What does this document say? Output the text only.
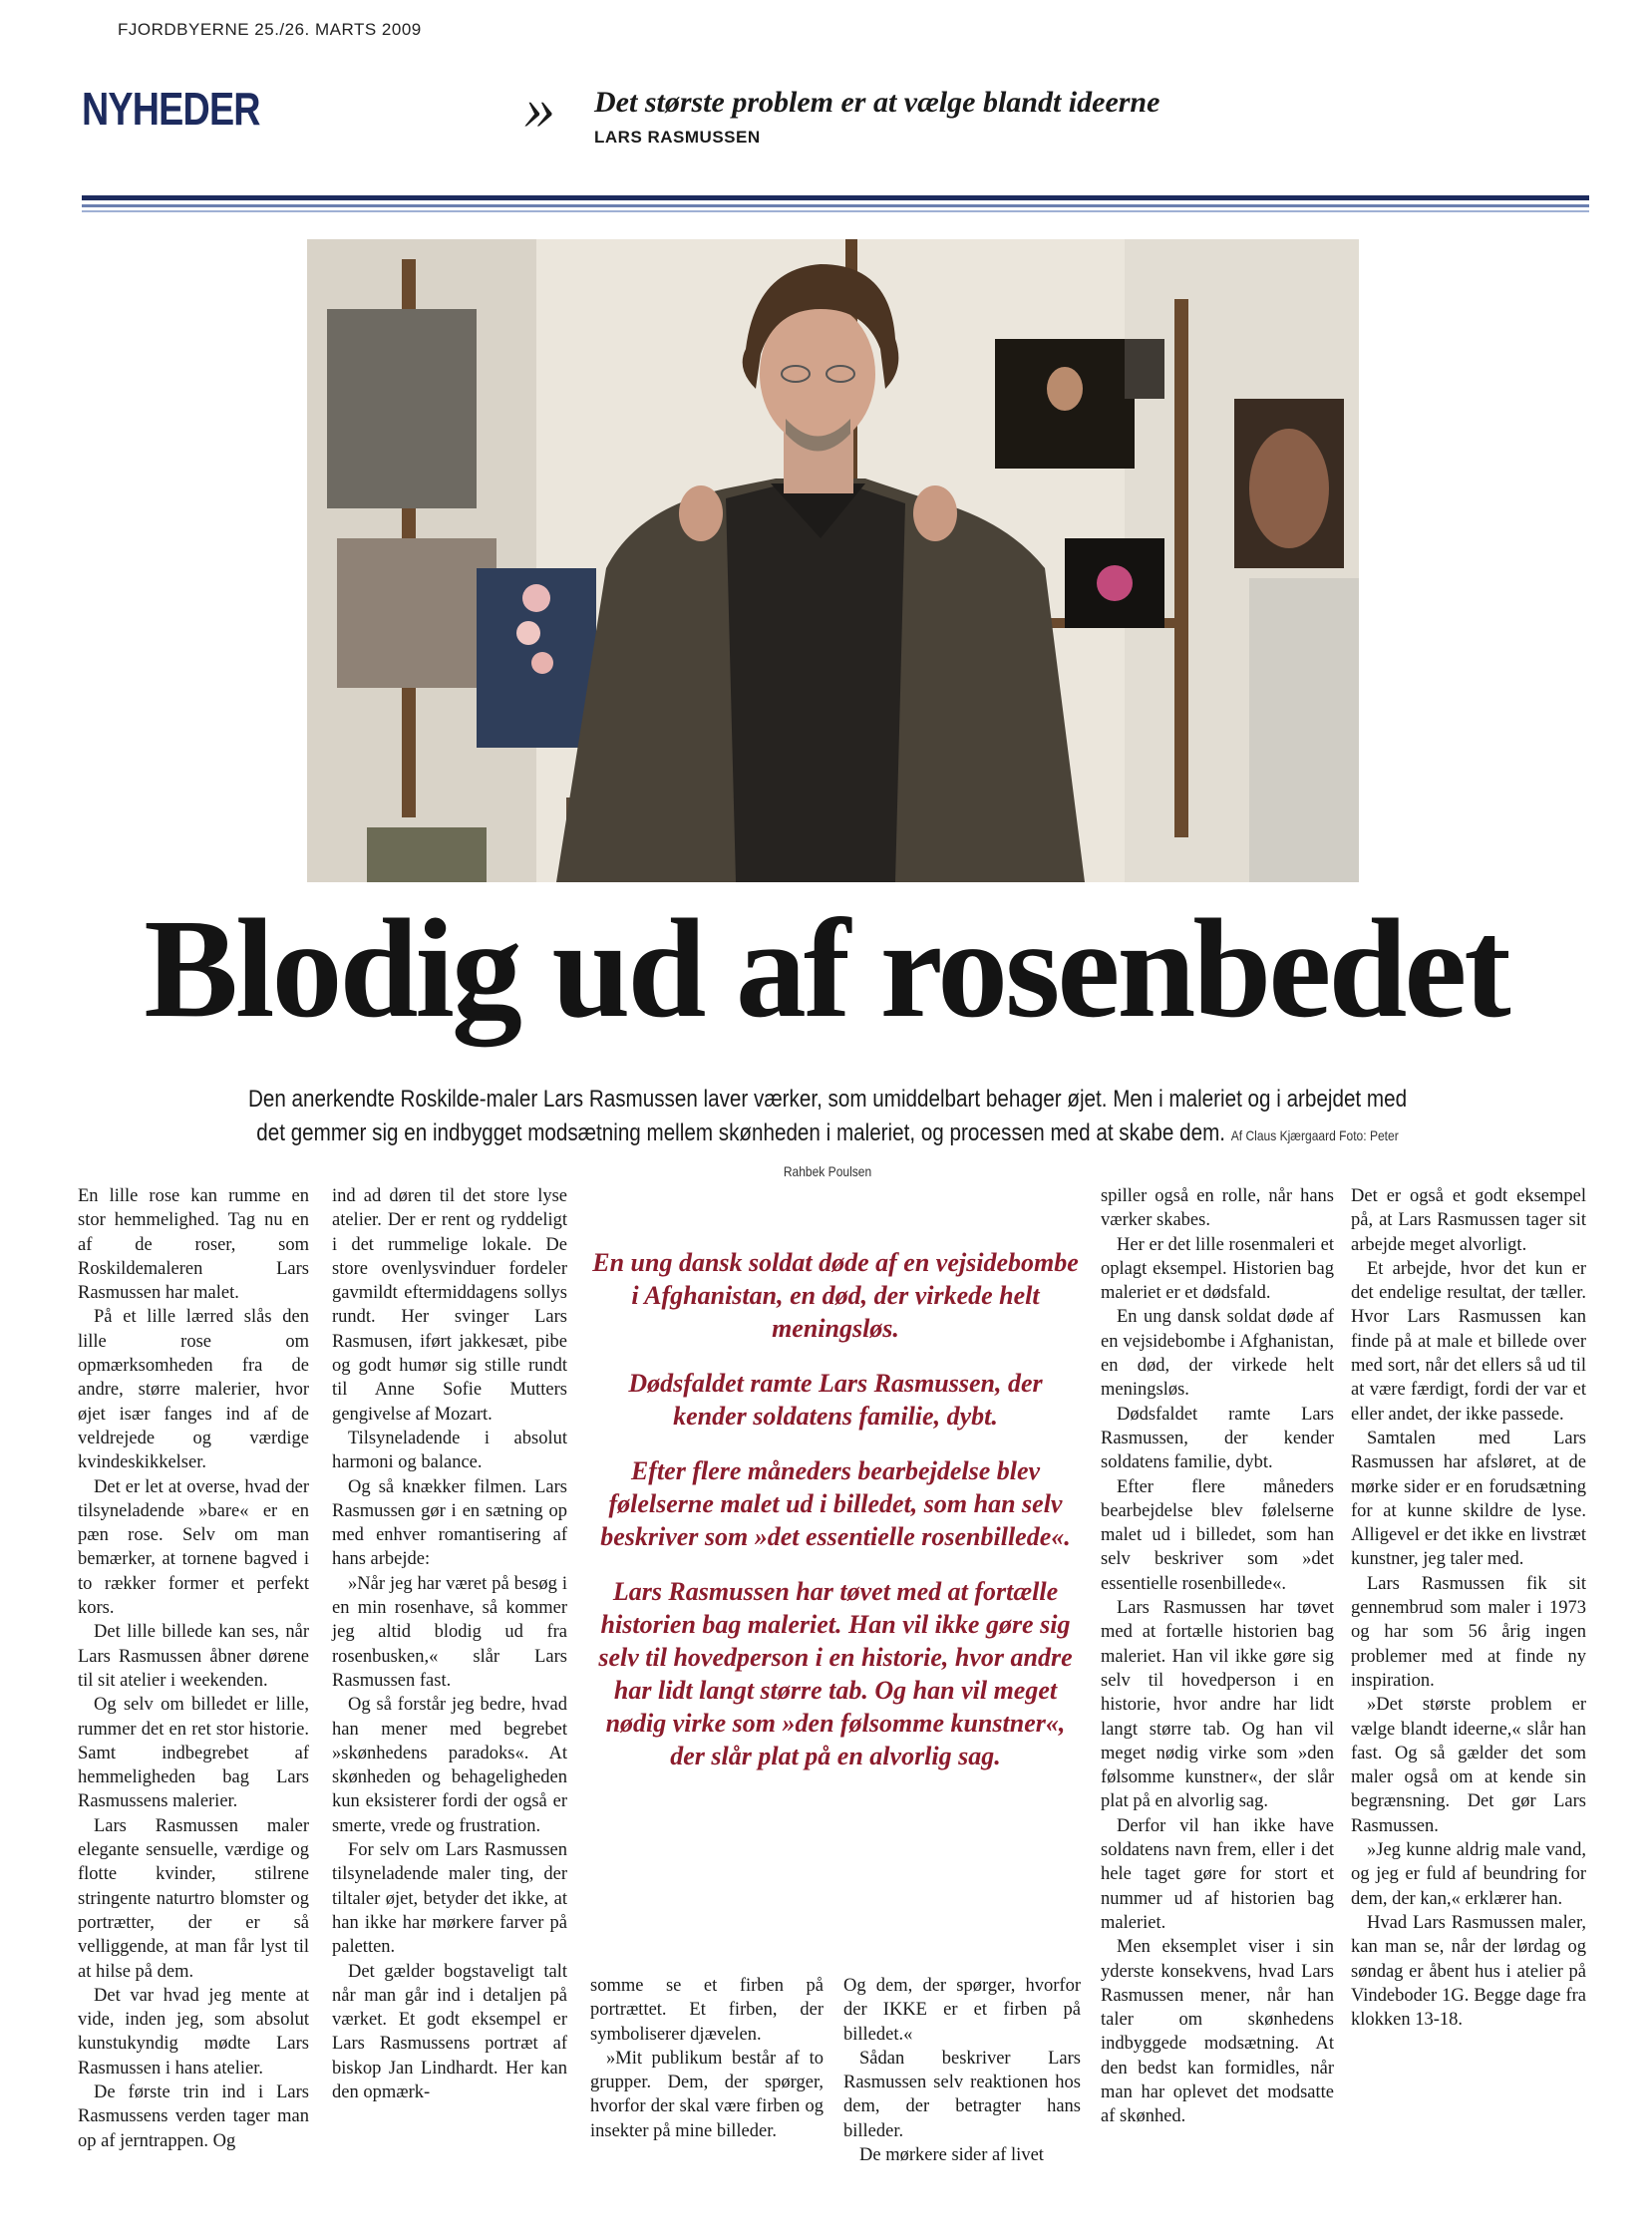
FJORDBYERNE 25./26. MARTS 2009
NYHEDER	» Det største problem er at vælge blandt ideerne
LARS RASMUSSEN
Blodig ud af rosenbedet
Den anerkendte Roskilde-maler Lars Rasmussen laver værker, som umiddelbart behager øjet. Men i maleriet og i arbejdet med det gemmer sig en indbygget modsætning mellem skønheden i maleriet, og processen med at skabe dem. Af Claus Kjærgaard Foto: Peter Rahbek Poulsen

En lille rose kan rumme en stor hemmelighed. Tag nu en af de roser, som Roskildemaleren Lars Rasmussen har malet.

På et lille lærred slås den lille rose om opmærksomheden fra de andre, større malerier, hvor øjet især fanges ind af de veldrejede og værdige kvindeskikkelser.

Det er let at overse, hvad der tilsyneladende »bare« er en pæn rose. Selv om man bemærker, at tornene bagved i to rækker former et perfekt kors.

Det lille billede kan ses, når Lars Rasmussen åbner dørene til sit atelier i weekenden.

Og selv om billedet er lille, rummer det en ret stor historie. Samt indbegrebet af hemmeligheden bag Lars Rasmussens malerier.

Lars Rasmussen maler elegante sensuelle, værdige og flotte kvinder, stilrene stringente naturtro blomster og portrætter, der er så velliggende, at man får lyst til at hilse på dem.

Det var hvad jeg mente at vide, inden jeg, som absolut kunstukyndig mødte Lars Rasmussen i hans atelier.

De første trin ind i Lars Rasmussens verden tager man op af jerntrappen. Og

ind ad døren til det store lyse atelier. Der er rent og ryddeligt i det rummelige lokale. De store ovenlysvinduer fordeler gavmildt eftermiddagens sollys rundt. Her svinger Lars Rasmusen, iført jakkesæt, pibe og godt humør sig stille rundt til Anne Sofie Mutters gengivelse af Mozart.

Tilsyneladende i absolut harmoni og balance.

Og så knækker filmen. Lars Rasmussen gør i en sætning op med enhver romantisering af hans arbejde:

»Når jeg har været på besøg i en min rosenhave, så kommer jeg altid blodig ud fra rosenbusken,« slår Lars Rasmussen fast.

Og så forstår jeg bedre, hvad han mener med begrebet »skønhedens paradoks«. At skønheden og behageligheden kun eksisterer fordi der også er smerte, vrede og frustration.

For selv om Lars Rasmussen tilsyneladende maler ting, der tiltaler øjet, betyder det ikke, at han ikke har mørkere farver på paletten.

Det gælder bogstaveligt talt når man går ind i detaljen på værket. Et godt eksempel er Lars Rasmussens portræt af biskop Jan Lindhardt. Her kan den opmærk-

En ung dansk soldat døde af en vejsidebombe i Afghanistan, en død, der virkede helt meningsløs.

Dødsfaldet ramte Lars Rasmussen, der kender soldatens familie, dybt.

Efter flere måneders bearbejdelse blev følelserne malet ud i billedet, som han selv beskriver som »det essentielle rosenbillede«.

Lars Rasmussen har tøvet med at fortælle historien bag maleriet. Han vil ikke gøre sig selv til hovedperson i en historie, hvor andre har lidt langt større tab. Og han vil meget nødig virke som »den følsomme kunstner«, der slår plat på en alvorlig sag.

somme se et firben på portrættet. Et firben, der symboliserer djævelen.

»Mit publikum består af to grupper. Dem, der spørger, hvorfor der skal være firben og insekter på mine billeder.

Og dem, der spørger, hvorfor der IKKE er et firben på billedet.«

Sådan beskriver Lars Rasmussen selv reaktionen hos dem, der betragter hans billeder.

De mørkere sider af livet

spiller også en rolle, når hans værker skabes.

Her er det lille rosenmaleri et oplagt eksempel. Historien bag maleriet er et dødsfald.

En ung dansk soldat døde af en vejsidebombe i Afghanistan, en død, der virkede helt meningsløs.

Dødsfaldet ramte Lars Rasmussen, der kender soldatens familie, dybt.

Efter flere måneders bearbejdelse blev følelserne malet ud i billedet, som han selv beskriver som »det essentielle rosenbillede«.

Lars Rasmussen har tøvet med at fortælle historien bag maleriet. Han vil ikke gøre sig selv til hovedperson i en historie, hvor andre har lidt langt større tab. Og han vil meget nødig virke som »den følsomme kunstner«, der slår plat på en alvorlig sag.

Derfor vil han ikke have soldatens navn frem, eller i det hele taget gøre for stort et nummer ud af historien bag maleriet.

Men eksemplet viser i sin yderste konsekvens, hvad Lars Rasmussen mener, når han taler om skønhedens indbyggede modsætning. At den bedst kan formidles, når man har oplevet det modsatte af skønhed.

Det er også et godt eksempel på, at Lars Rasmussen tager sit arbejde meget alvorligt.

Et arbejde, hvor det kun er det endelige resultat, der tæller. Hvor Lars Rasmussen kan finde på at male et billede over med sort, når det ellers så ud til at være færdigt, fordi der var et eller andet, der ikke passede.

Samtalen med Lars Rasmussen har afsløret, at de mørke sider er en forudsætning for at kunne skildre de lyse. Alligevel er det ikke en livstræt kunstner, jeg taler med.

Lars Rasmussen fik sit gennembrud som maler i 1973 og har som 56 årig ingen problemer med at finde ny inspiration.

»Det største problem er vælge blandt ideerne,« slår han fast. Og så gælder det som maler også om at kende sin begrænsning. Det gør Lars Rasmussen.

»Jeg kunne aldrig male vand, og jeg er fuld af beundring for dem, der kan,« erklærer han.

Hvad Lars Rasmussen maler, kan man se, når der lørdag og søndag er åbent hus i atelier på Vindeboder 1G. Begge dage fra klokken 13-18.
